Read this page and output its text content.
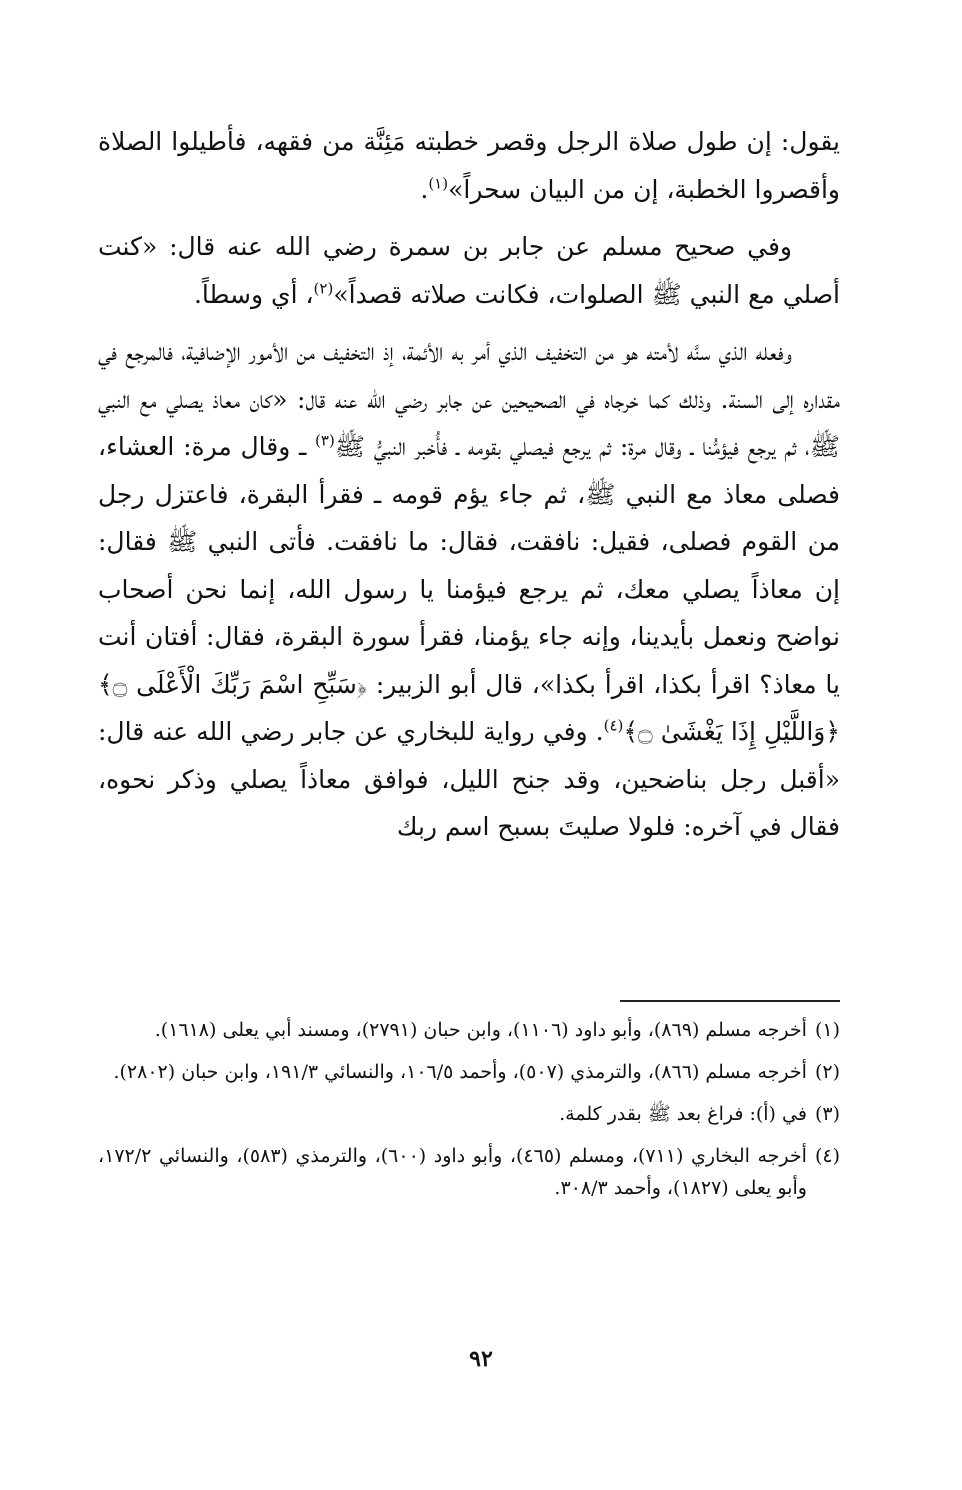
يقول: إن طول صلاة الرجل وقصر خطبته مَئِنَّة من فقهه، فأطيلوا الصلاة وأقصروا الخطبة، إن من البيان سحراً»$^{(١)}$.

وفي صحيح مسلم عن جابر بن سمرة رضي الله عنه قال: «كنت أصلي مع النبي ﷺ الصلوات، فكانت صلاته قصداً»$^{(٢)}$، أي وسطاً.

وفعله الذي سنَّه لأمته هو من التخفيف الذي أمر به الأئمة، إذ التخفيف من الأمور الإضافية، فالمرجع في مقداره إلى السنة. وذلك كما خرجاه في الصحيحين عن جابر رضي الله عنه قال: «كان معاذ يصلي مع النبي ﷺ، ثم يرجع فيؤمُّنا ـ وقال مرة: ثم يرجع فيصلي بقومه ـ فأُخبر النبيُّ ﷺ$^{(٣)}$ ـ وقال مرة: العشاء، فصلى معاذ مع النبي ﷺ، ثم جاء يؤم قومه ـ فقرأ البقرة، فاعتزل رجل من القوم فصلى، فقيل: نافقت، فقال: ما نافقت. فأتى النبي ﷺ فقال: إن معاذاً يصلي معك، ثم يرجع فيؤمنا يا رسول الله، إنما نحن أصحاب نواضح ونعمل بأيدينا، وإنه جاء يؤمنا، فقرأ سورة البقرة، فقال: أفتان أنت يا معاذ؟ اقرأ بكذا، اقرأ بكذا»، قال أبو الزبير: ﴿سَبِّحِ اسْمَ رَبِّكَ الْأَعْلَى ۝﴾ ﴿وَاللَّيْلِ إِذَا يَغْشَىٰ ۝﴾$^{(٤)}$. وفي رواية للبخاري عن جابر رضي الله عنه قال: «أقبل رجل بناضحين، وقد جنح الليل، فوافق معاذاً يصلي وذكر نحوه، فقال في آخره: فلولا صليتَ بسبح اسم ربك

(١)
أخرجه مسلم (٨٦٩)، وأبو داود (١١٠٦)، وابن حبان (٢٧٩١)، ومسند أبي يعلى (١٦١٨).
(٢)
أخرجه مسلم (٨٦٦)، والترمذي (٥٠٧)، وأحمد ١٠٦/٥، والنسائي ١٩١/٣، وابن حبان (٢٨٠٢).
(٣)
في (أ): فراغ بعد ﷺ بقدر كلمة.
(٤)
أخرجه البخاري (٧١١)، ومسلم (٤٦٥)، وأبو داود (٦٠٠)، والترمذي (٥٨٣)، والنسائي ١٧٢/٢، وأبو يعلى (١٨٢٧)، وأحمد ٣٠٨/٣.
٩٢
